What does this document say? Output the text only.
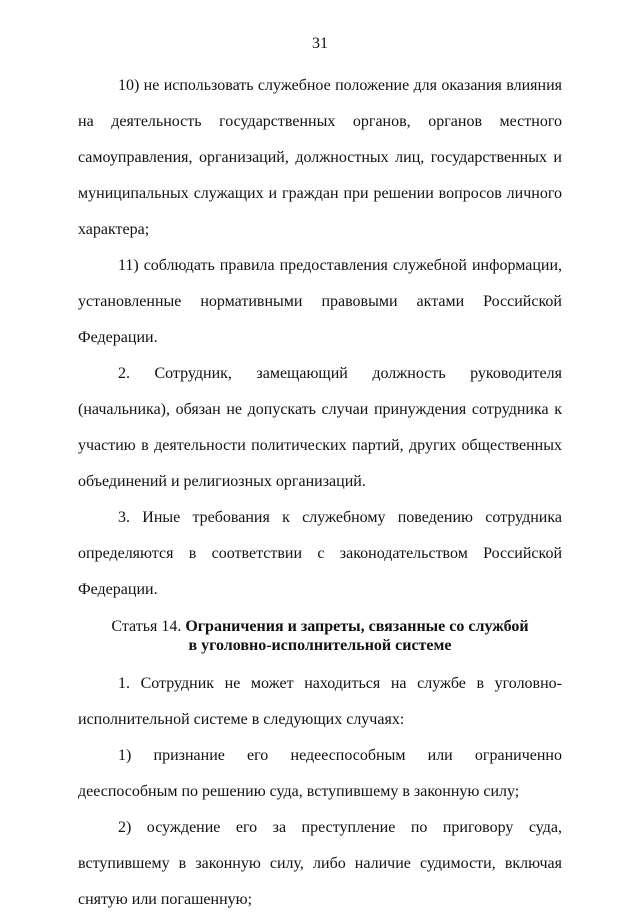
31

10) не использовать служебное положение для оказания влияния на деятельность государственных органов, органов местного самоуправления, организаций, должностных лиц, государственных и муниципальных служащих и граждан при решении вопросов личного характера;

11) соблюдать правила предоставления служебной информации, установленные нормативными правовыми актами Российской Федерации.

2. Сотрудник, замещающий должность руководителя (начальника), обязан не допускать случаи принуждения сотрудника к участию в деятельности политических партий, других общественных объединений и религиозных организаций.

3. Иные требования к служебному поведению сотрудника определяются в соответствии с законодательством Российской Федерации.

Статья 14. Ограничения и запреты, связанные со службой
в уголовно-исполнительной системе

1. Сотрудник не может находиться на службе в уголовно-исполнительной системе в следующих случаях:

1) признание его недееспособным или ограниченно дееспособным по решению суда, вступившему в законную силу;

2) осуждение его за преступление по приговору суда, вступившему в законную силу, либо наличие судимости, включая снятую или погашенную;
